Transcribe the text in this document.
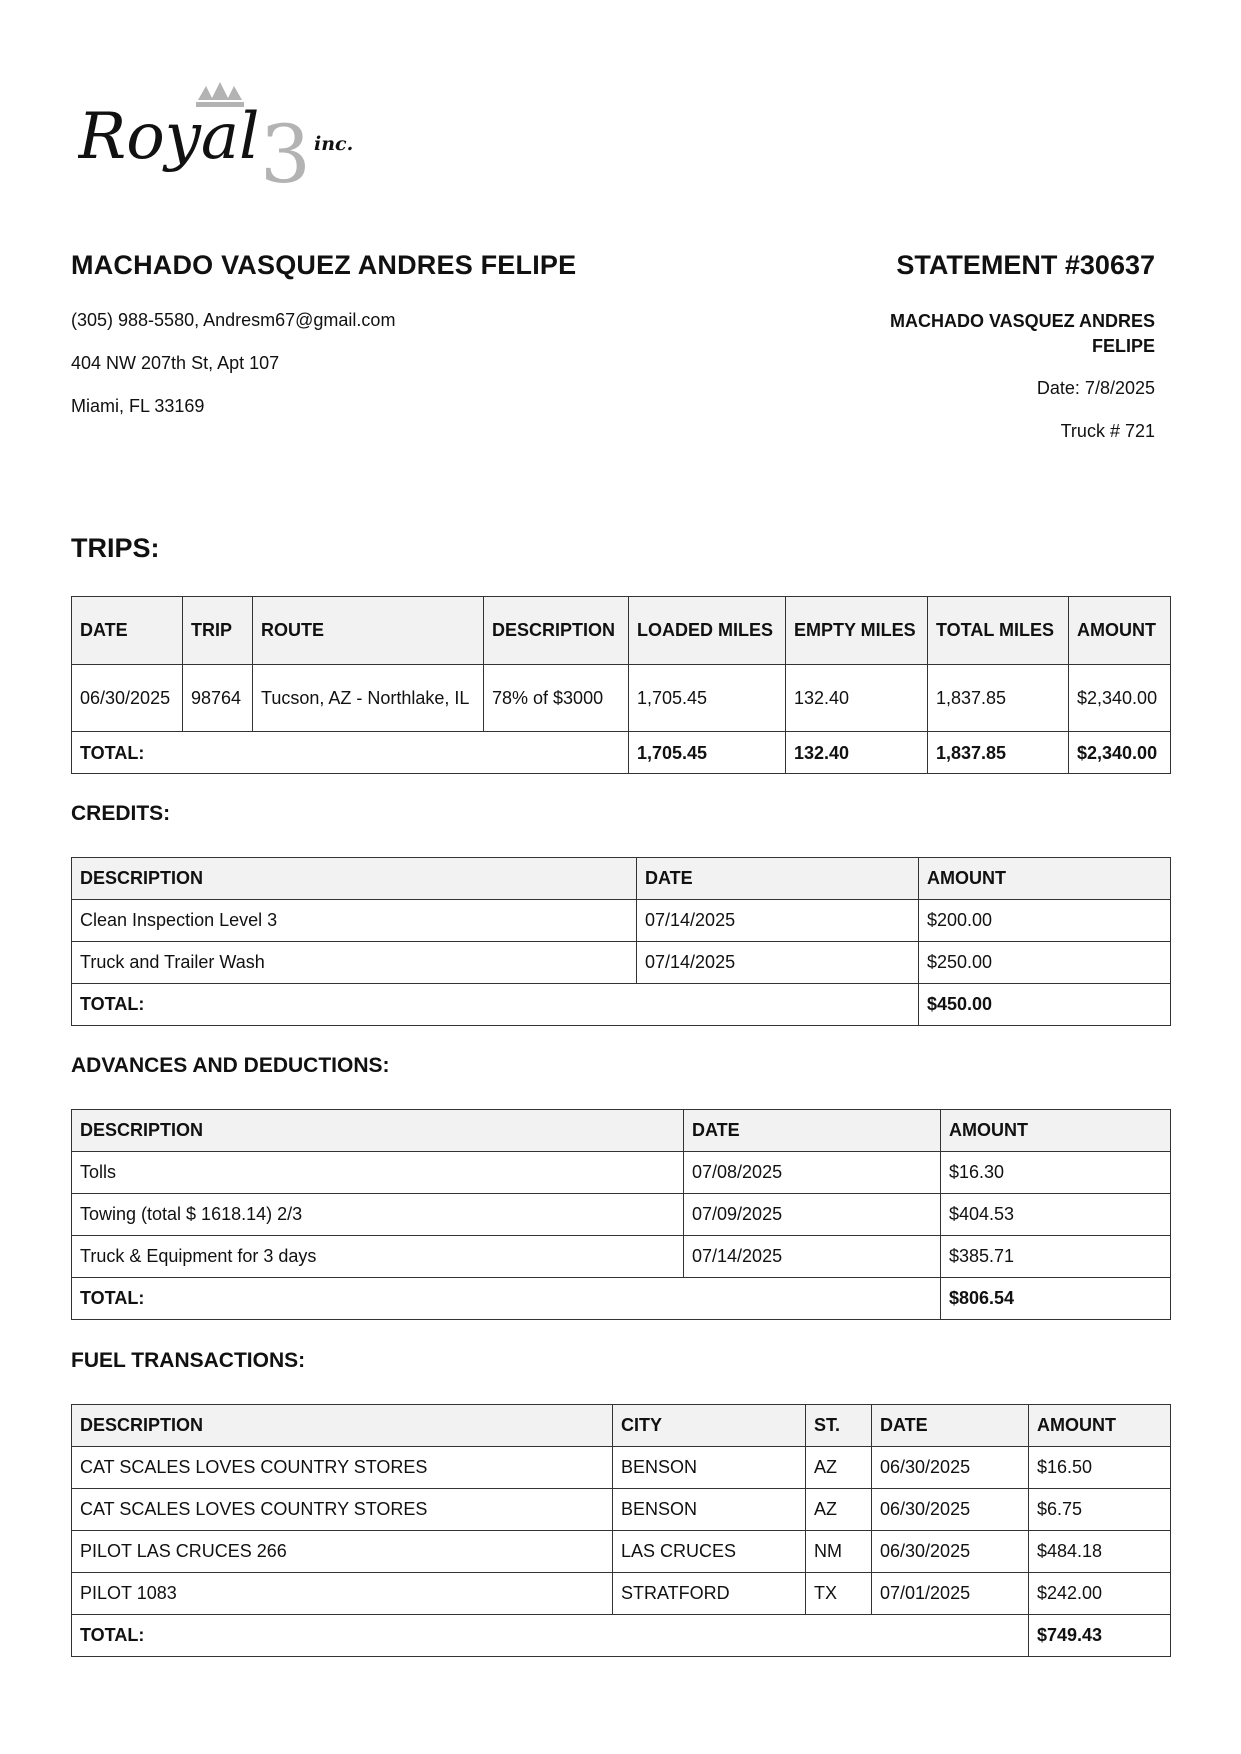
Royal 3 inc.
MACHADO VASQUEZ ANDRES FELIPE
(305) 988-5580, Andresm67@gmail.com
404 NW 207th St, Apt 107
Miami, FL 33169
STATEMENT #30637
MACHADO VASQUEZ ANDRES FELIPE
Date: 7/8/2025
Truck # 721
TRIPS:
DATE	TRIP	ROUTE	DESCRIPTION	LOADED MILES	EMPTY MILES	TOTAL MILES	AMOUNT
06/30/2025	98764	Tucson, AZ - Northlake, IL	78% of $3000	1,705.45	132.40	1,837.85	$2,340.00
TOTAL:				1,705.45	132.40	1,837.85	$2,340.00
CREDITS:
DESCRIPTION	DATE	AMOUNT
Clean Inspection Level 3	07/14/2025	$200.00
Truck and Trailer Wash	07/14/2025	$250.00
TOTAL:		$450.00
ADVANCES AND DEDUCTIONS:
DESCRIPTION	DATE	AMOUNT
Tolls	07/08/2025	$16.30
Towing (total $ 1618.14) 2/3	07/09/2025	$404.53
Truck & Equipment for 3 days	07/14/2025	$385.71
TOTAL:		$806.54
FUEL TRANSACTIONS:
DESCRIPTION	CITY	ST.	DATE	AMOUNT
CAT SCALES LOVES COUNTRY STORES	BENSON	AZ	06/30/2025	$16.50
CAT SCALES LOVES COUNTRY STORES	BENSON	AZ	06/30/2025	$6.75
PILOT LAS CRUCES 266	LAS CRUCES	NM	06/30/2025	$484.18
PILOT 1083	STRATFORD	TX	07/01/2025	$242.00
TOTAL:				$749.43
